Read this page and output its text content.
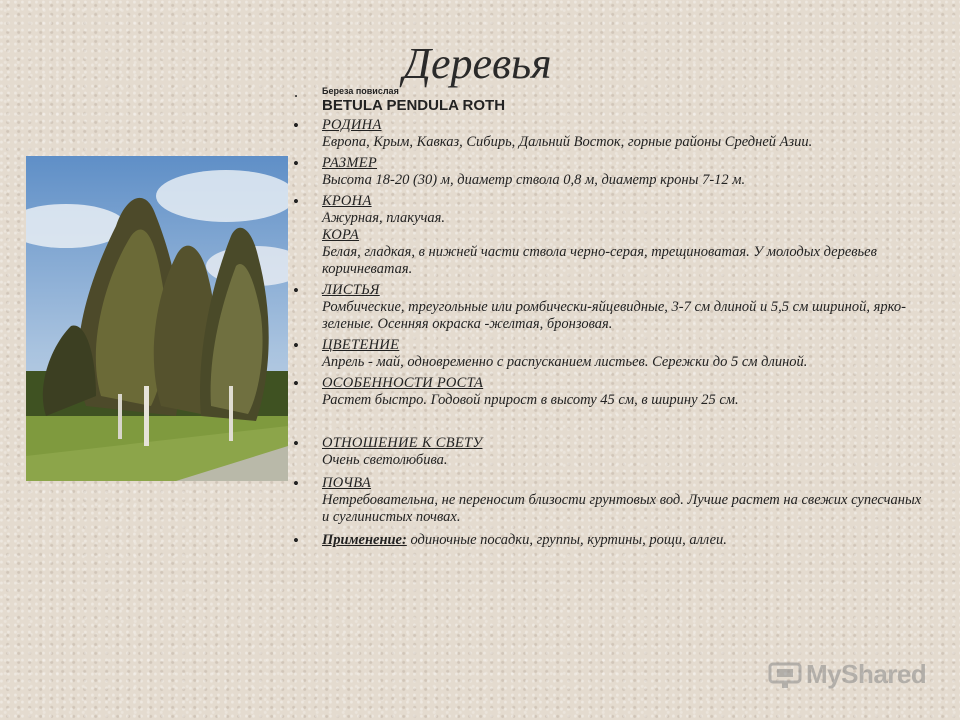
Деревья
•
Береза повислая
BETULA PENDULA ROTH
•	РОДИНА
Европа, Крым, Кавказ, Сибирь, Дальний Восток, горные районы Средней Азии.
•	РАЗМЕР
Высота 18-20 (30) м, диаметр ствола 0,8 м, диаметр кроны 7-12 м.
•	КРОНА
Ажурная, плакучая.
КОРА
Белая, гладкая, в нижней части ствола черно-серая, трещиноватая. У молодых деревьев коричневатая.
•	ЛИСТЬЯ
Ромбические, треугольные или ромбически-яйцевидные, 3-7 см длиной и 5,5 см шириной, ярко-зеленые. Осенняя окраска -желтая, бронзовая.
•	ЦВЕТЕНИЕ
Апрель - май, одновременно с распусканием листьев. Сережки до 5 см длиной.
•	ОСОБЕННОСТИ РОСТА
Растет быстро. Годовой прирост в высоту 45 см, в ширину 25 см.
•	ОТНОШЕНИЕ К СВЕТУ
Очень светолюбива.
•	ПОЧВА
Нетребовательна, не переносит близости грунтовых вод. Лучше растет на свежих супесчаных и суглинистых почвах.
•	Применение: одиночные посадки, группы, куртины, рощи, аллеи.
MyShared
